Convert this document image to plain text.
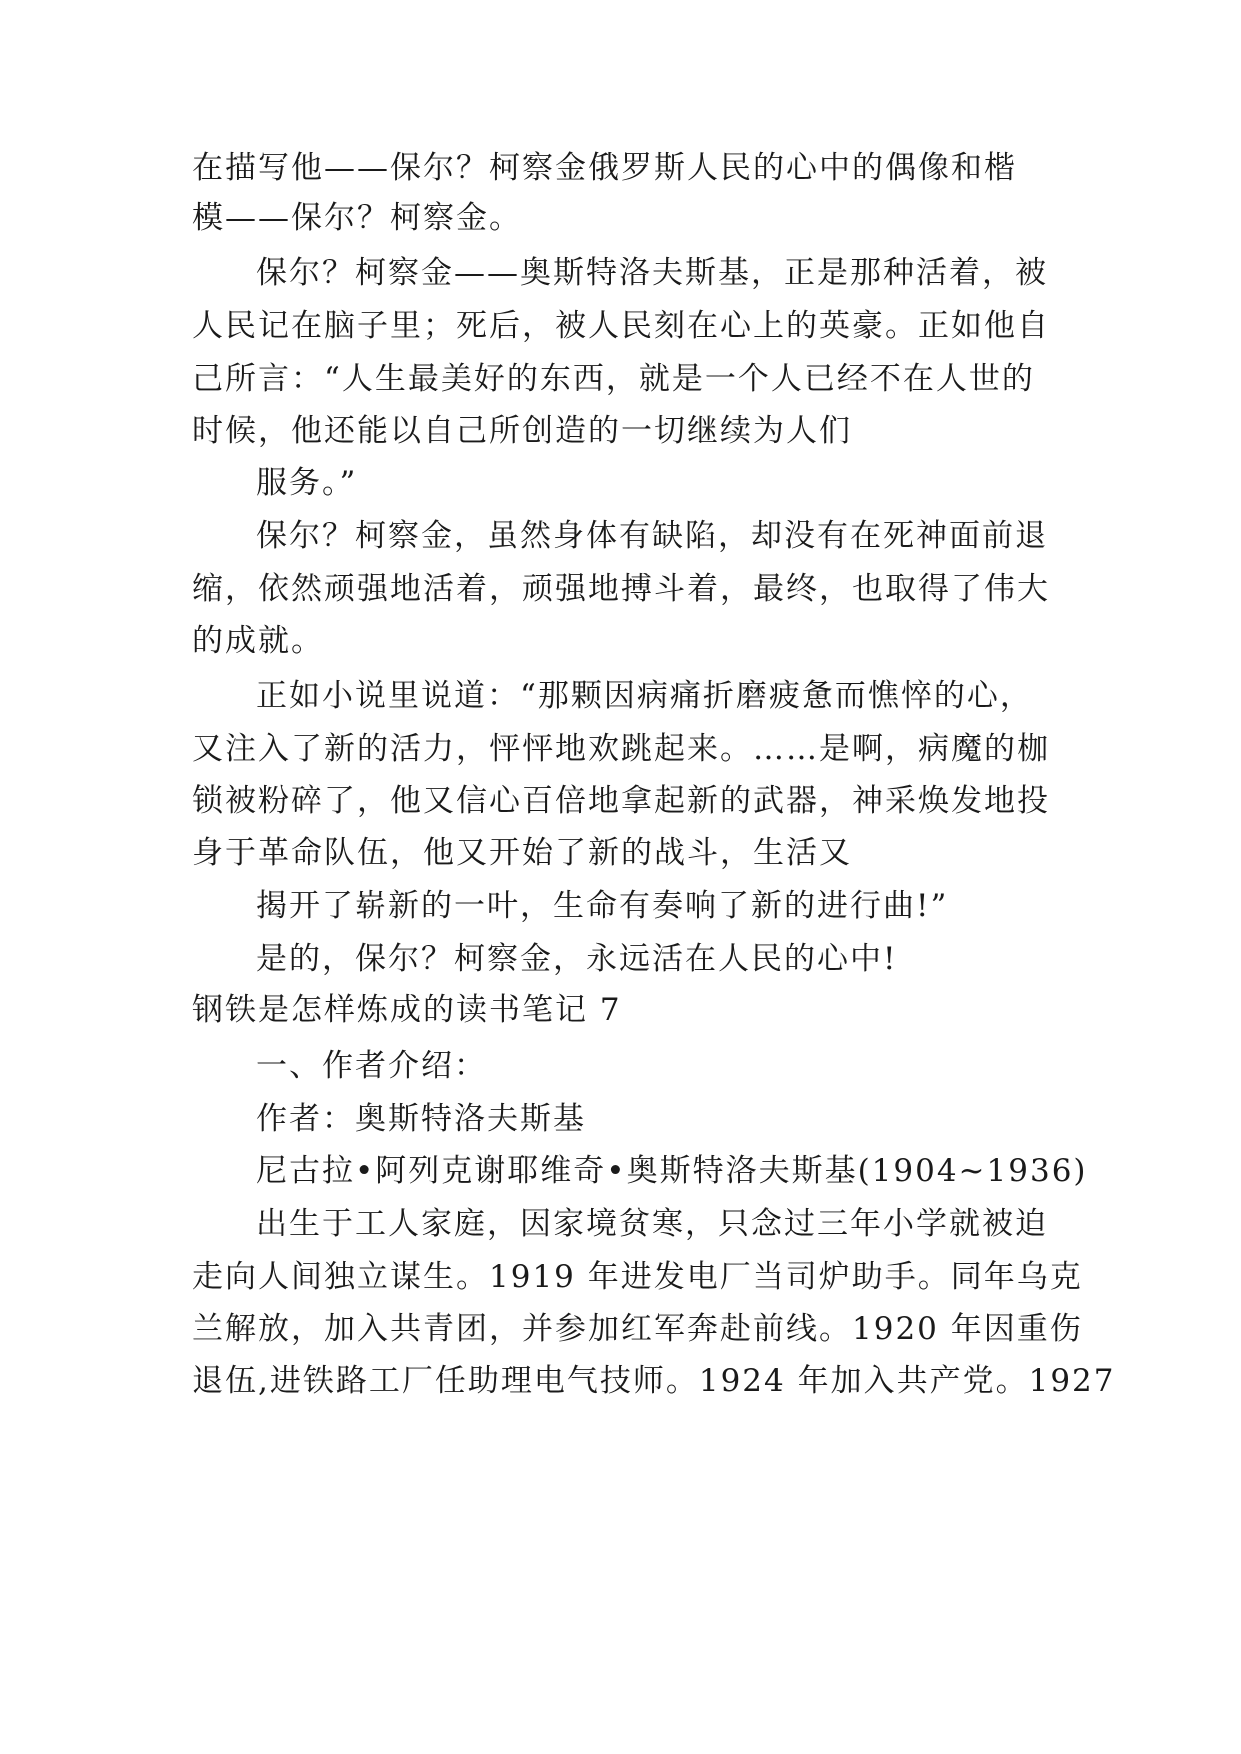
在描写他——保尔？柯察金俄罗斯人民的心中的偶像和楷
模——保尔？柯察金。
保尔？柯察金——奥斯特洛夫斯基，正是那种活着，被
人民记在脑子里；死后，被人民刻在心上的英豪。正如他自
己所言：“人生最美好的东西，就是一个人已经不在人世的
时候，他还能以自己所创造的一切继续为人们
服务。”
保尔？柯察金，虽然身体有缺陷，却没有在死神面前退
缩，依然顽强地活着，顽强地搏斗着，最终，也取得了伟大
的成就。
正如小说里说道：“那颗因病痛折磨疲惫而憔悴的心，
又注入了新的活力，怦怦地欢跳起来。……是啊，病魔的枷
锁被粉碎了，他又信心百倍地拿起新的武器，神采焕发地投
身于革命队伍，他又开始了新的战斗，生活又
揭开了崭新的一叶，生命有奏响了新的进行曲!”
是的，保尔？柯察金，永远活在人民的心中!
钢铁是怎样炼成的读书笔记 7
一、作者介绍：
作者：奥斯特洛夫斯基
尼古拉•阿列克谢耶维奇•奥斯特洛夫斯基(1904~1936)
出生于工人家庭，因家境贫寒，只念过三年小学就被迫
走向人间独立谋生。1919 年进发电厂当司炉助手。同年乌克
兰解放，加入共青团，并参加红军奔赴前线。1920 年因重伤
退伍,进铁路工厂任助理电气技师。1924 年加入共产党。1927
